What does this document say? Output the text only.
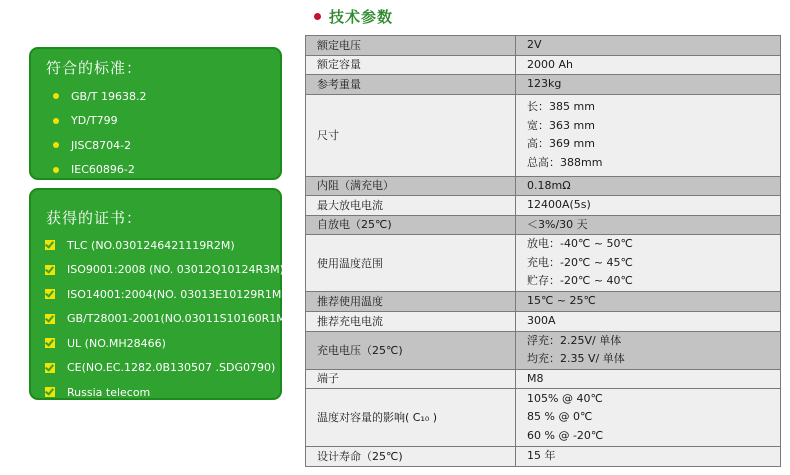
技术参数
符合的标准：
GB/T 19638.2
YD/T799
JISC8704-2
IEC60896-2
获得的证书：
TLC (NO.0301246421119R2M)
ISO9001:2008 (NO. 03012Q10124R3M)
ISO14001:2004(NO. 03013E10129R1M)
GB/T28001-2001(NO.03011S10160R1M)
UL (NO.MH28466)
CE(NO.EC.1282.0B130507 .SDG0790)
Russia telecom
额定电压	2V

额定容量	2000 Ah

参考重量	123kg

尺寸	长：385 mm
宽：363 mm
高：369 mm
总高：388mm

内阻（满充电）	0.18mΩ

最大放电电流	12400A(5s)

自放电（25℃)	＜3%/30 天

使用温度范围	放电：-40℃ ~ 50℃
充电：-20℃ ~ 45℃
贮存：-20℃ ~ 40℃

推荐使用温度	15℃ ~ 25℃

推荐充电电流	300A

充电电压（25℃)	浮充：2.25V/ 单体
均充：2.35 V/ 单体

端子	M8

温度对容量的影响( C₁₀ )	105% @ 40℃
85 % @ 0℃
60 % @ -20℃

设计寿命（25℃)	15 年
